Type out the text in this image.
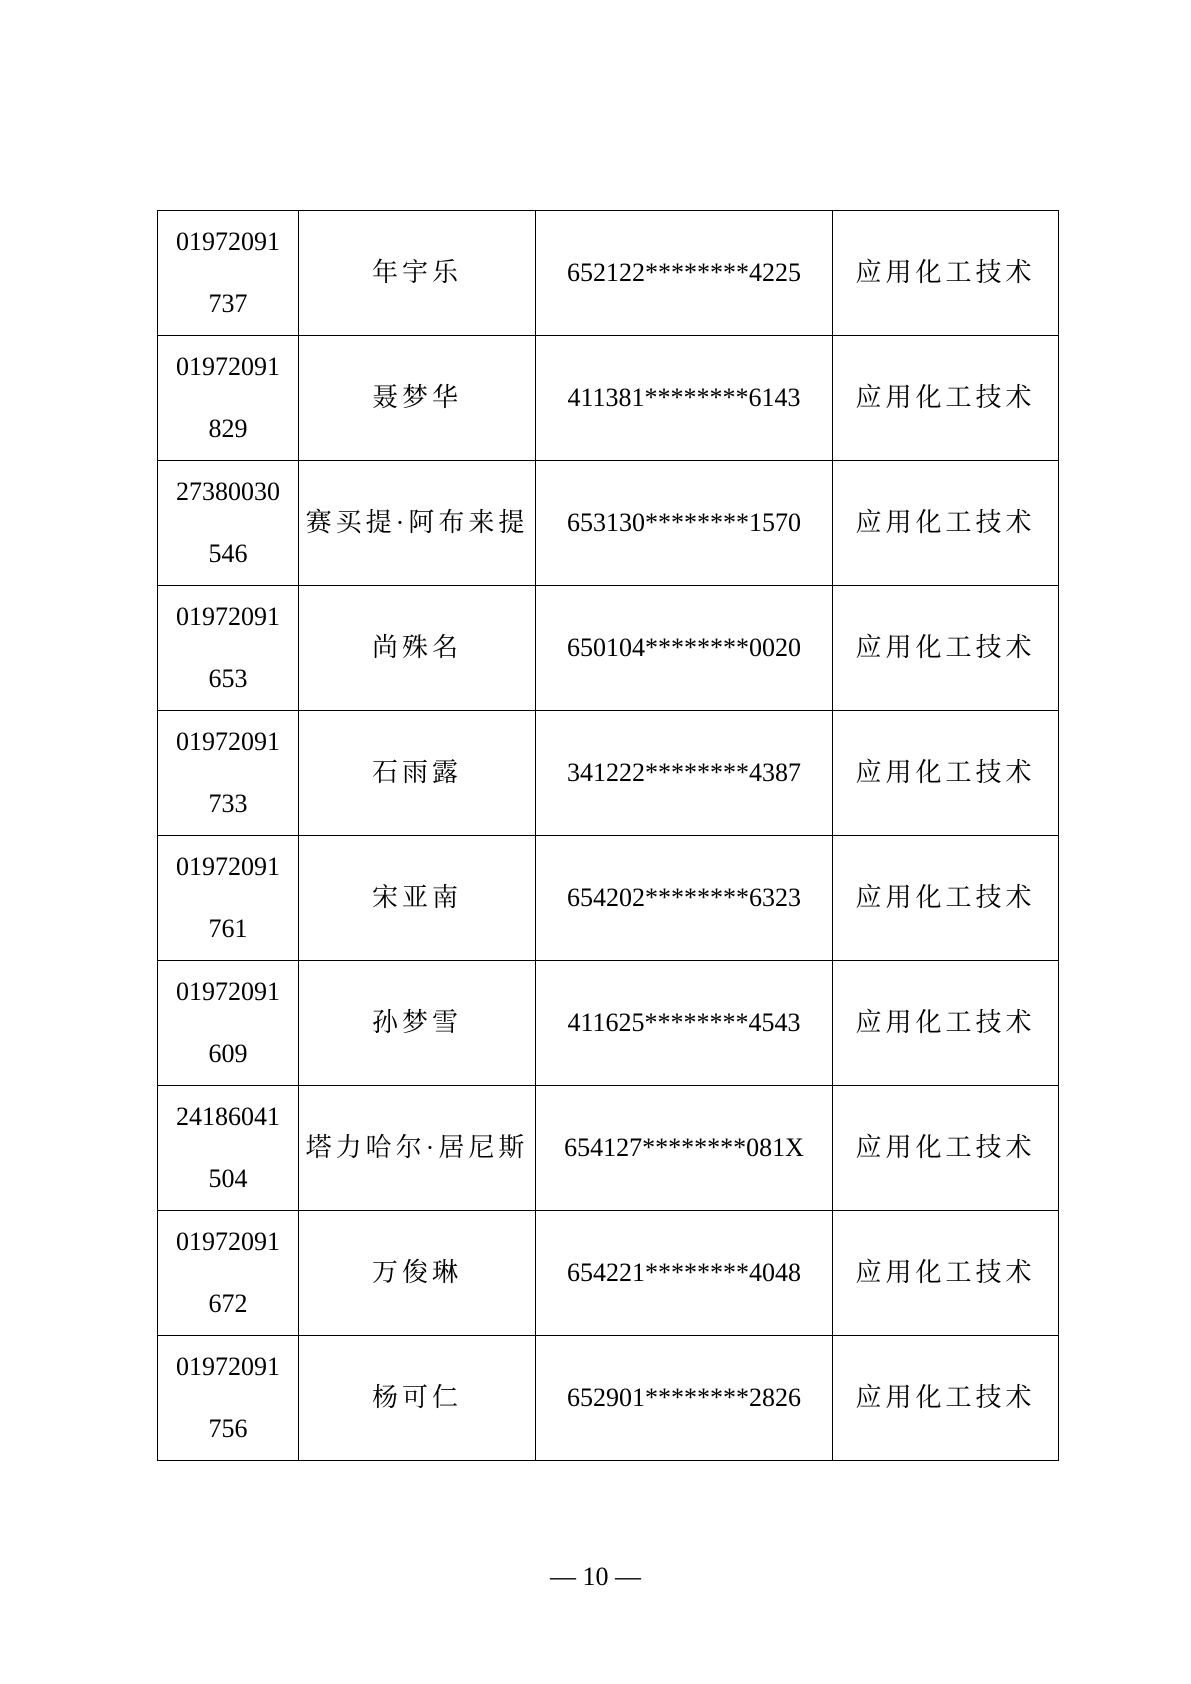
01972091
737	年宇乐	652122********4225	应用化工技术

01972091
829	聂梦华	411381********6143	应用化工技术

27380030
546	赛买提·阿布来提	653130********1570	应用化工技术

01972091
653	尚殊名	650104********0020	应用化工技术

01972091
733	石雨露	341222********4387	应用化工技术

01972091
761	宋亚南	654202********6323	应用化工技术

01972091
609	孙梦雪	411625********4543	应用化工技术

24186041
504	塔力哈尔·居尼斯	654127********081X	应用化工技术

01972091
672	万俊琳	654221********4048	应用化工技术

01972091
756	杨可仁	652901********2826	应用化工技术
— 10 —
